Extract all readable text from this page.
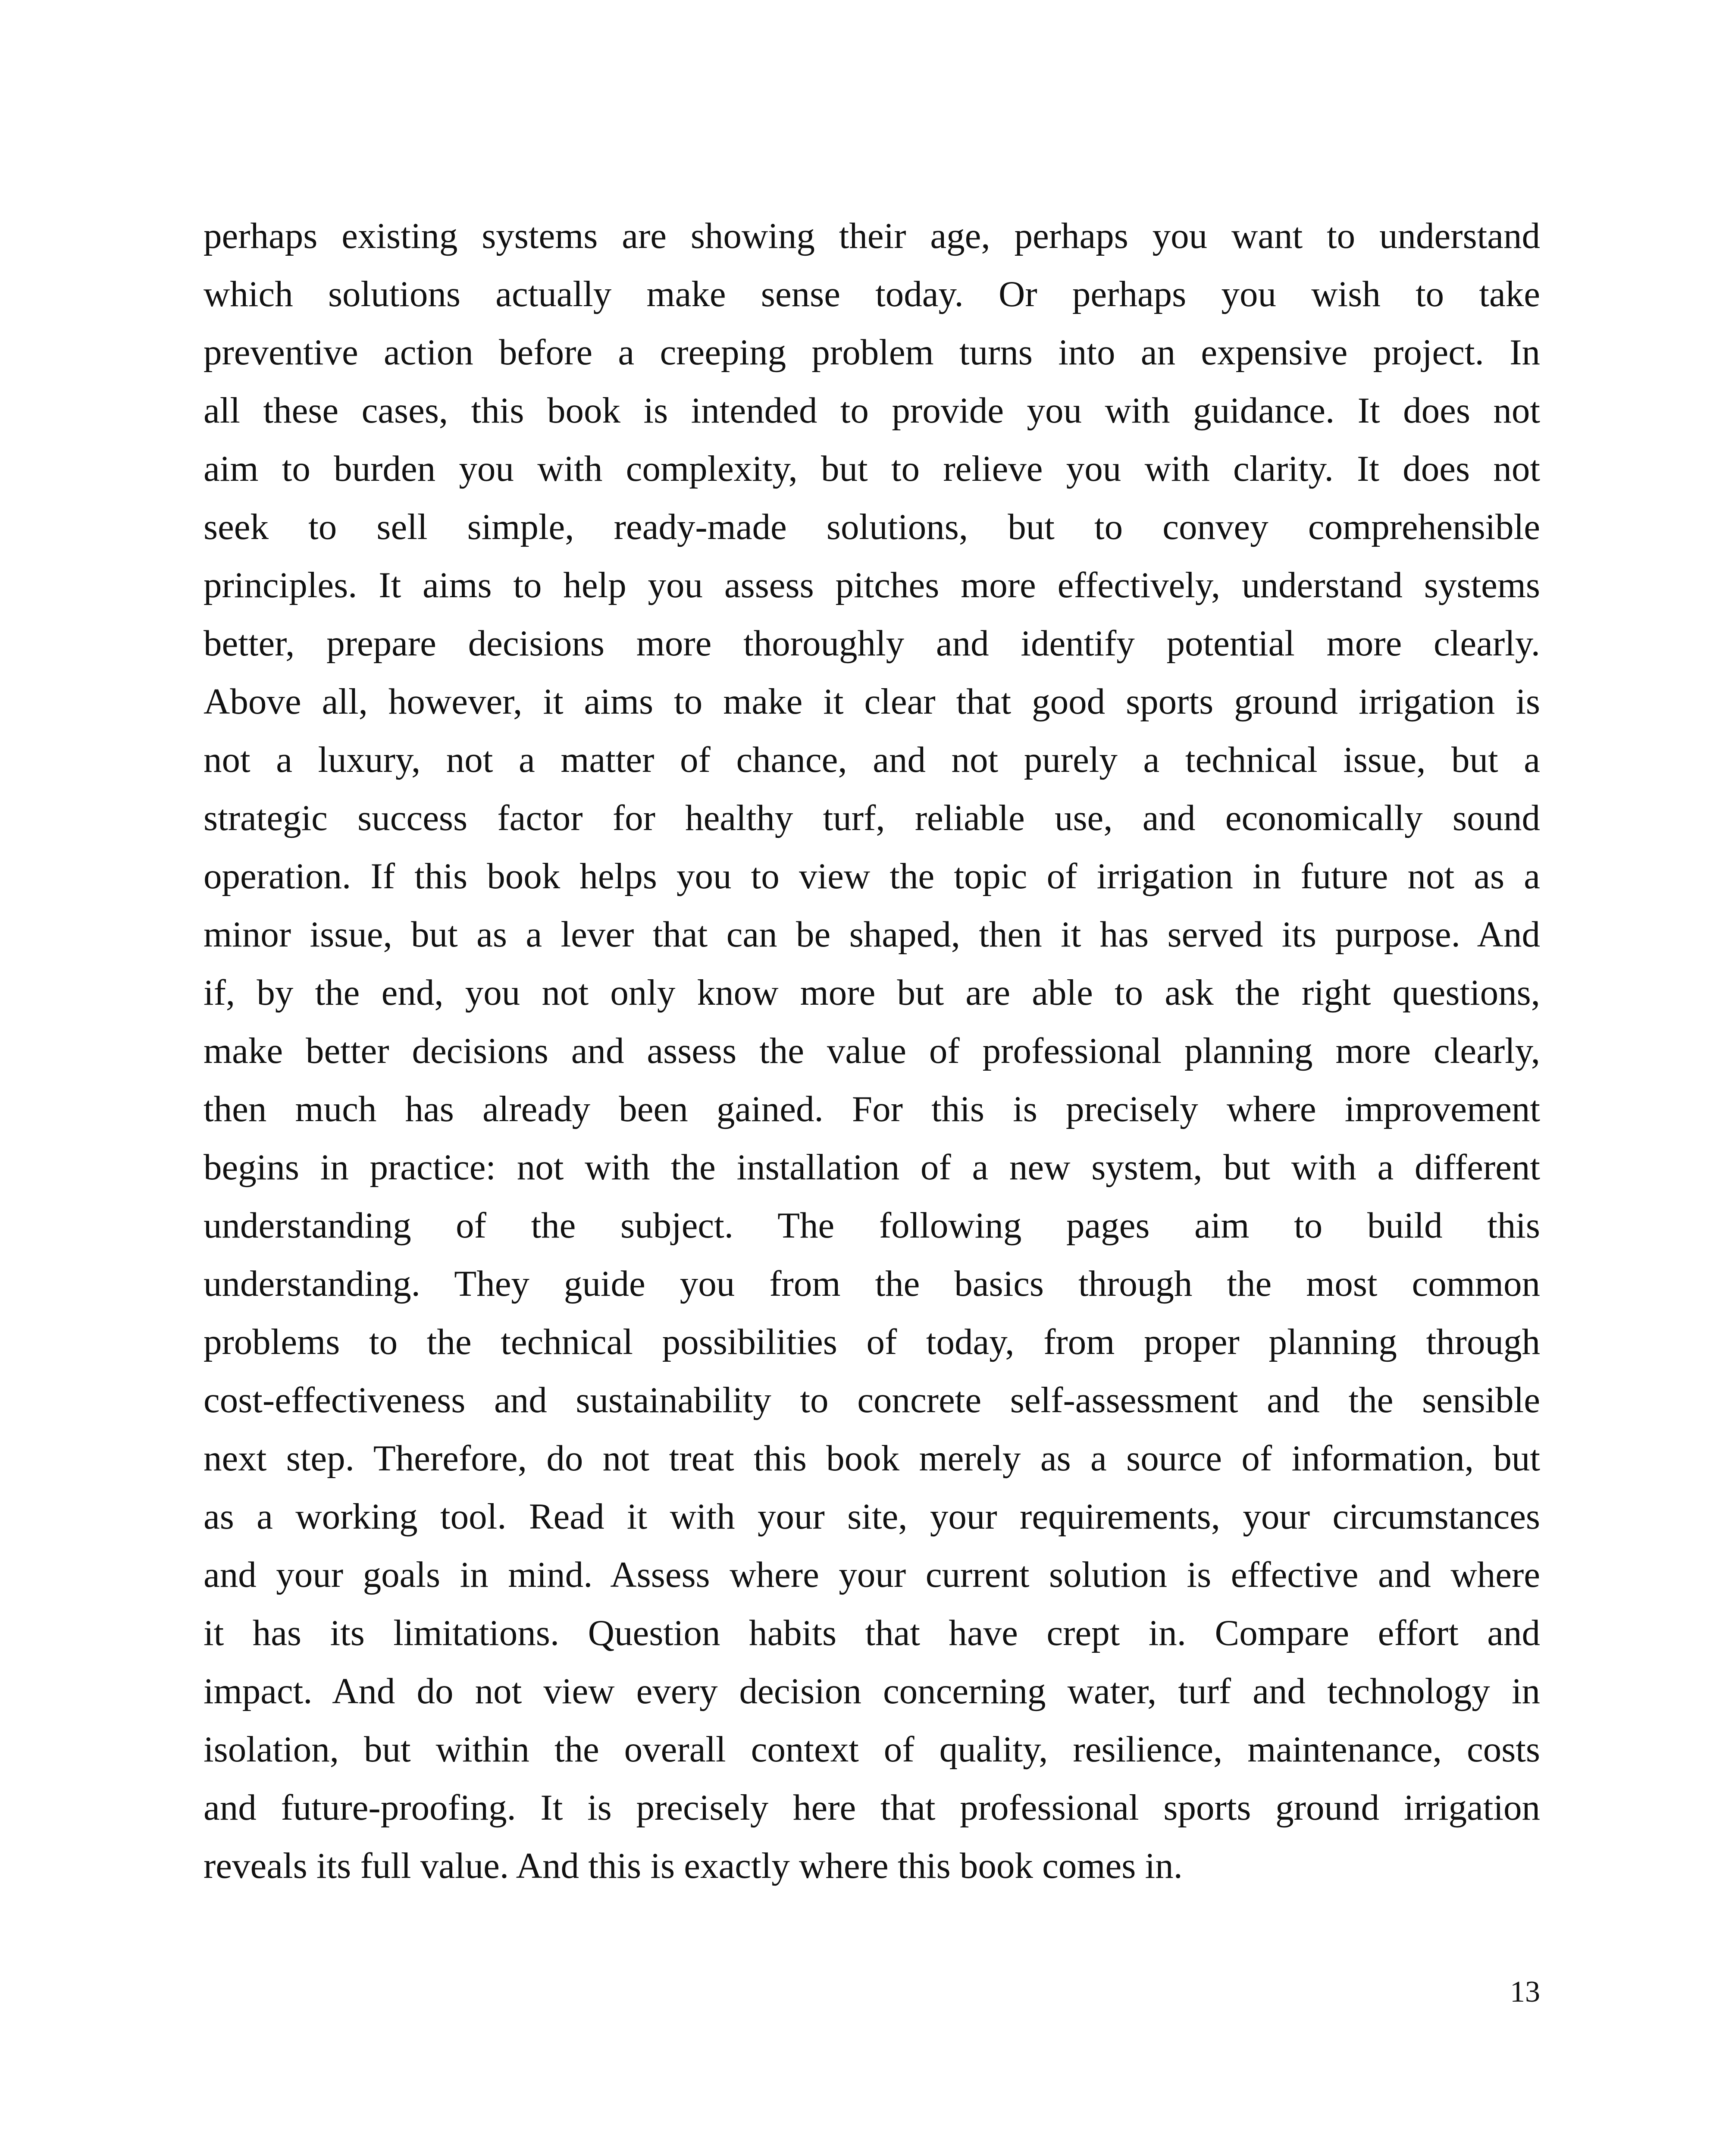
perhaps existing systems are showing their age, perhaps you want to understand
which solutions actually make sense today. Or perhaps you wish to take
preventive action before a creeping problem turns into an expensive project. In
all these cases, this book is intended to provide you with guidance. It does not
aim to burden you with complexity, but to relieve you with clarity. It does not
seek to sell simple, ready-made solutions, but to convey comprehensible
principles. It aims to help you assess pitches more effectively, understand systems
better, prepare decisions more thoroughly and identify potential more clearly.
Above all, however, it aims to make it clear that good sports ground irrigation is
not a luxury, not a matter of chance, and not purely a technical issue, but a
strategic success factor for healthy turf, reliable use, and economically sound
operation. If this book helps you to view the topic of irrigation in future not as a
minor issue, but as a lever that can be shaped, then it has served its purpose. And
if, by the end, you not only know more but are able to ask the right questions,
make better decisions and assess the value of professional planning more clearly,
then much has already been gained. For this is precisely where improvement
begins in practice: not with the installation of a new system, but with a different
understanding of the subject. The following pages aim to build this
understanding. They guide you from the basics through the most common
problems to the technical possibilities of today, from proper planning through
cost-effectiveness and sustainability to concrete self-assessment and the sensible
next step. Therefore, do not treat this book merely as a source of information, but
as a working tool. Read it with your site, your requirements, your circumstances
and your goals in mind. Assess where your current solution is effective and where
it has its limitations. Question habits that have crept in. Compare effort and
impact. And do not view every decision concerning water, turf and technology in
isolation, but within the overall context of quality, resilience, maintenance, costs
and future-proofing. It is precisely here that professional sports ground irrigation
reveals its full value. And this is exactly where this book comes in.
13
